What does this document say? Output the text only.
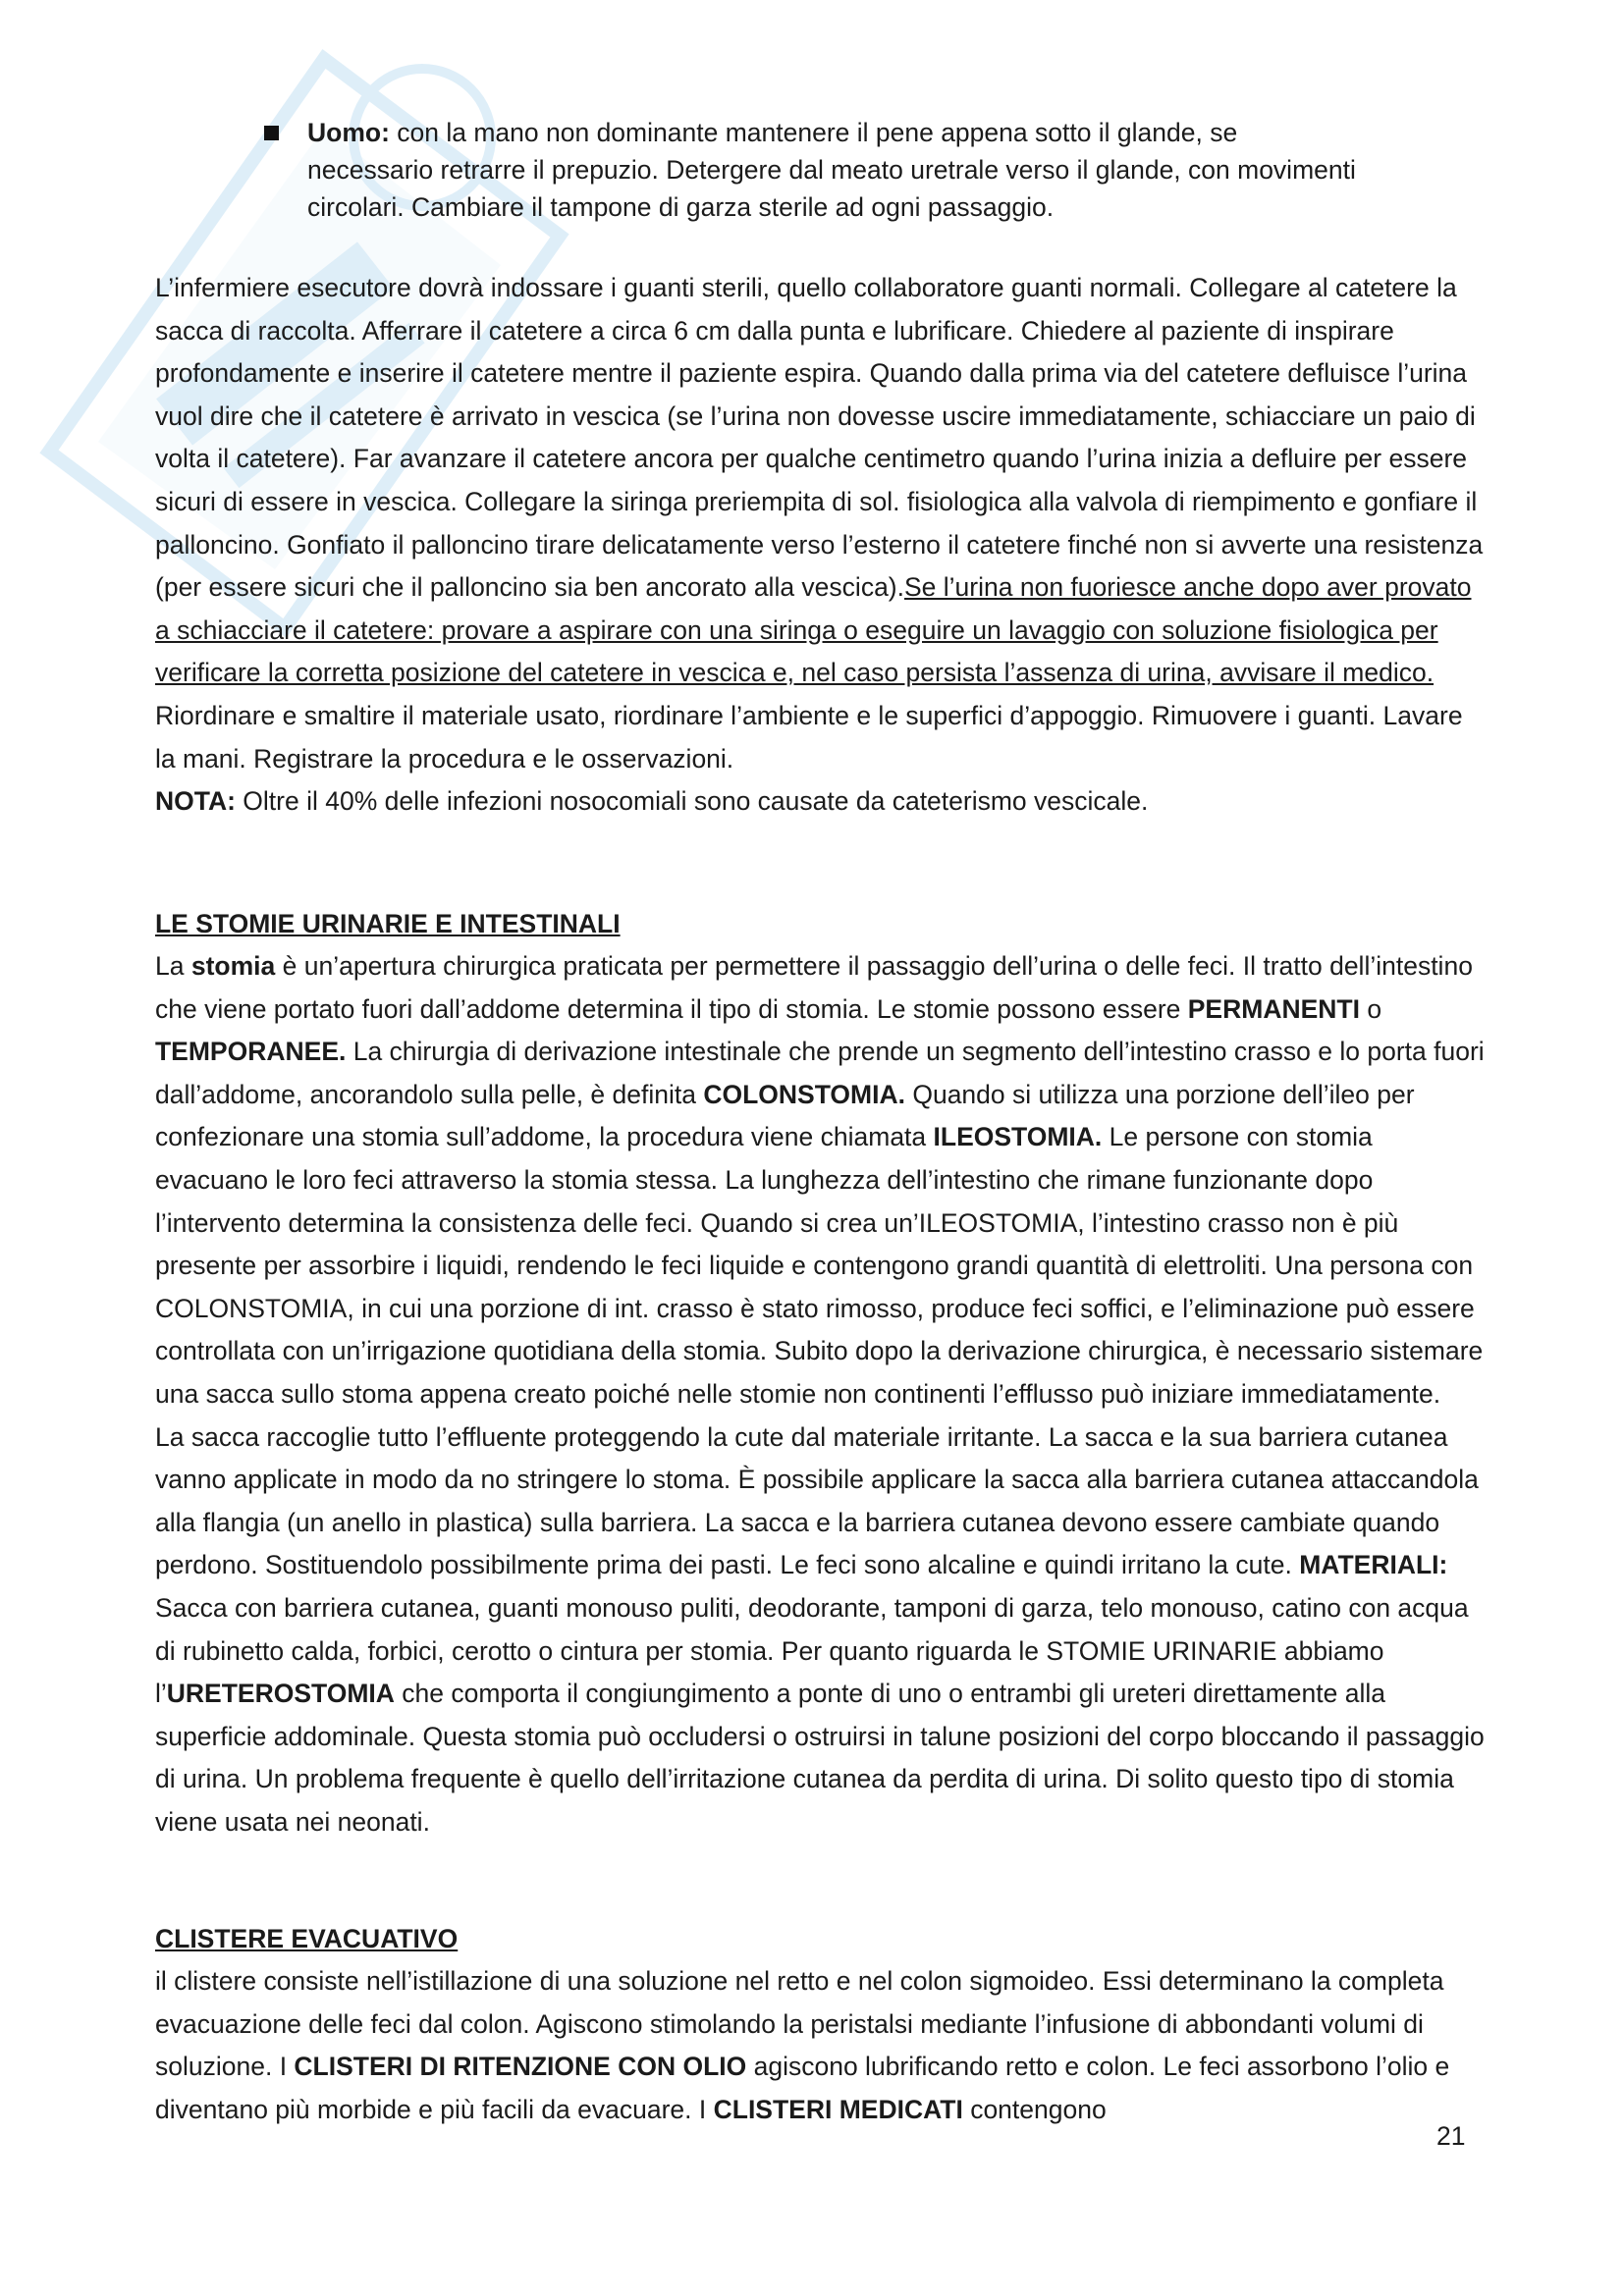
Uomo: con la mano non dominante mantenere il pene appena sotto il glande, se necessario retrarre il prepuzio. Detergere dal meato uretrale verso il glande, con movimenti circolari. Cambiare il tampone di garza sterile ad ogni passaggio.
L’infermiere esecutore dovrà indossare i guanti sterili, quello collaboratore guanti normali. Collegare al catetere la sacca di raccolta. Afferrare il catetere a circa 6 cm dalla punta e lubrificare. Chiedere al paziente di inspirare profondamente e inserire il catetere mentre il paziente espira. Quando dalla prima via del catetere defluisce l’urina vuol dire che il catetere è arrivato in vescica (se l’urina non dovesse uscire immediatamente, schiacciare un paio di volta il catetere). Far avanzare il catetere ancora per qualche centimetro quando l’urina inizia a defluire per essere sicuri di essere in vescica. Collegare la siringa preriempita di sol. fisiologica alla valvola di riempimento e gonfiare il palloncino. Gonfiato il palloncino tirare delicatamente verso l’esterno il catetere finché non si avverte una resistenza (per essere sicuri che il palloncino sia ben ancorato alla vescica).Se l’urina non fuoriesce anche dopo aver provato a schiacciare il catetere: provare a aspirare con una siringa o eseguire un lavaggio con soluzione fisiologica per verificare la corretta posizione del catetere in vescica e, nel caso persista l’assenza di urina, avvisare il medico. Riordinare e smaltire il materiale usato, riordinare l’ambiente e le superfici d’appoggio. Rimuovere i guanti. Lavare la mani. Registrare la procedura e le osservazioni.
NOTA: Oltre il 40% delle infezioni nosocomiali sono causate da cateterismo vescicale.
LE STOMIE URINARIE E INTESTINALI
La stomia è un’apertura chirurgica praticata per permettere il passaggio dell’urina o delle feci. Il tratto dell’intestino che viene portato fuori dall’addome determina il tipo di stomia. Le stomie possono essere PERMANENTI o TEMPORANEE. La chirurgia di derivazione intestinale che prende un segmento dell’intestino crasso e lo porta fuori dall’addome, ancorandolo sulla pelle, è definita COLONSTOMIA. Quando si utilizza una porzione dell’ileo per confezionare una stomia sull’addome, la procedura viene chiamata ILEOSTOMIA. Le persone con stomia evacuano le loro feci attraverso la stomia stessa. La lunghezza dell’intestino che rimane funzionante dopo l’intervento determina la consistenza delle feci. Quando si crea un’ILEOSTOMIA, l’intestino crasso non è più presente per assorbire i liquidi, rendendo le feci liquide e contengono grandi quantità di elettroliti. Una persona con COLONSTOMIA, in cui una porzione di int. crasso è stato rimosso, produce feci soffici, e l’eliminazione può essere controllata con un’irrigazione quotidiana della stomia. Subito dopo la derivazione chirurgica, è necessario sistemare una sacca sullo stoma appena creato poiché nelle stomie non continenti l’efflusso può iniziare immediatamente.
La sacca raccoglie tutto l’effluente proteggendo la cute dal materiale irritante. La sacca e la sua barriera cutanea vanno applicate in modo da no stringere lo stoma. È possibile applicare la sacca alla barriera cutanea attaccandola alla flangia (un anello in plastica) sulla barriera. La sacca e la barriera cutanea devono essere cambiate quando perdono. Sostituendolo possibilmente prima dei pasti. Le feci sono alcaline e quindi irritano la cute. MATERIALI: Sacca con barriera cutanea, guanti monouso puliti, deodorante, tamponi di garza, telo monouso, catino con acqua di rubinetto calda, forbici, cerotto o cintura per stomia. Per quanto riguarda le STOMIE URINARIE abbiamo l’URETEROSTOMIA che comporta il congiungimento a ponte di uno o entrambi gli ureteri direttamente alla superficie addominale. Questa stomia può occludersi o ostruirsi in talune posizioni del corpo bloccando il passaggio di urina. Un problema frequente è quello dell’irritazione cutanea da perdita di urina. Di solito questo tipo di stomia viene usata nei neonati.
CLISTERE EVACUATIVO
il clistere consiste nell’istillazione di una soluzione nel retto e nel colon sigmoideo. Essi determinano la completa evacuazione delle feci dal colon. Agiscono stimolando la peristalsi mediante l’infusione di abbondanti volumi di soluzione. I CLISTERI DI RITENZIONE CON OLIO agiscono lubrificando retto e colon. Le feci assorbono l’olio e diventano più morbide e più facili da evacuare. I CLISTERI MEDICATI contengono
21
